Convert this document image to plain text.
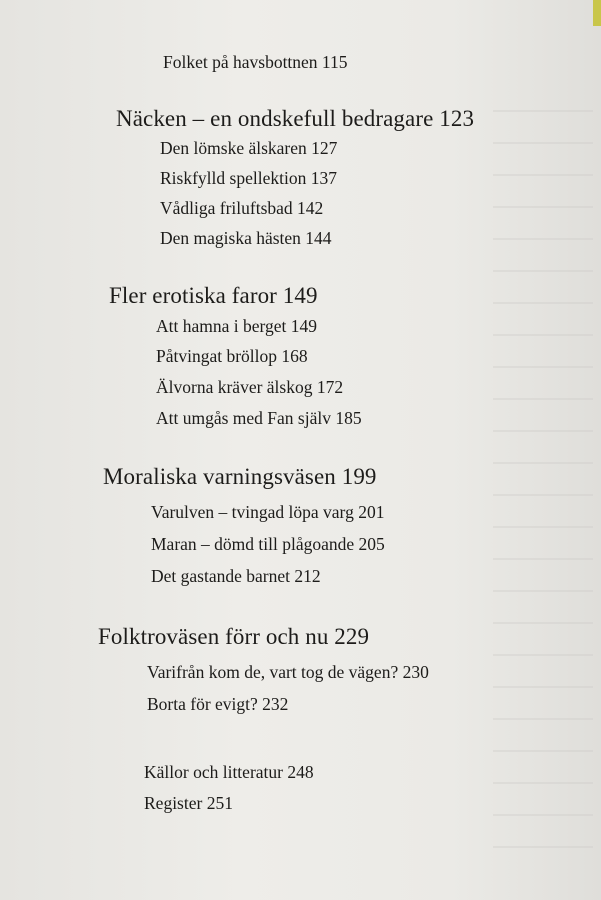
Folket på havsbottnen 115
Näcken – en ondskefull bedragare 123
Den lömske älskaren 127
Riskfylld spellektion 137
Vådliga friluftsbad 142
Den magiska hästen 144
Fler erotiska faror 149
Att hamna i berget 149
Påtvingat bröllop 168
Älvorna kräver älskog 172
Att umgås med Fan själv 185
Moraliska varningsväsen 199
Varulven – tvingad löpa varg 201
Maran – dömd till plågoande 205
Det gastande barnet 212
Folktroväsen förr och nu 229
Varifrån kom de, vart tog de vägen? 230
Borta för evigt? 232
Källor och litteratur 248
Register 251
